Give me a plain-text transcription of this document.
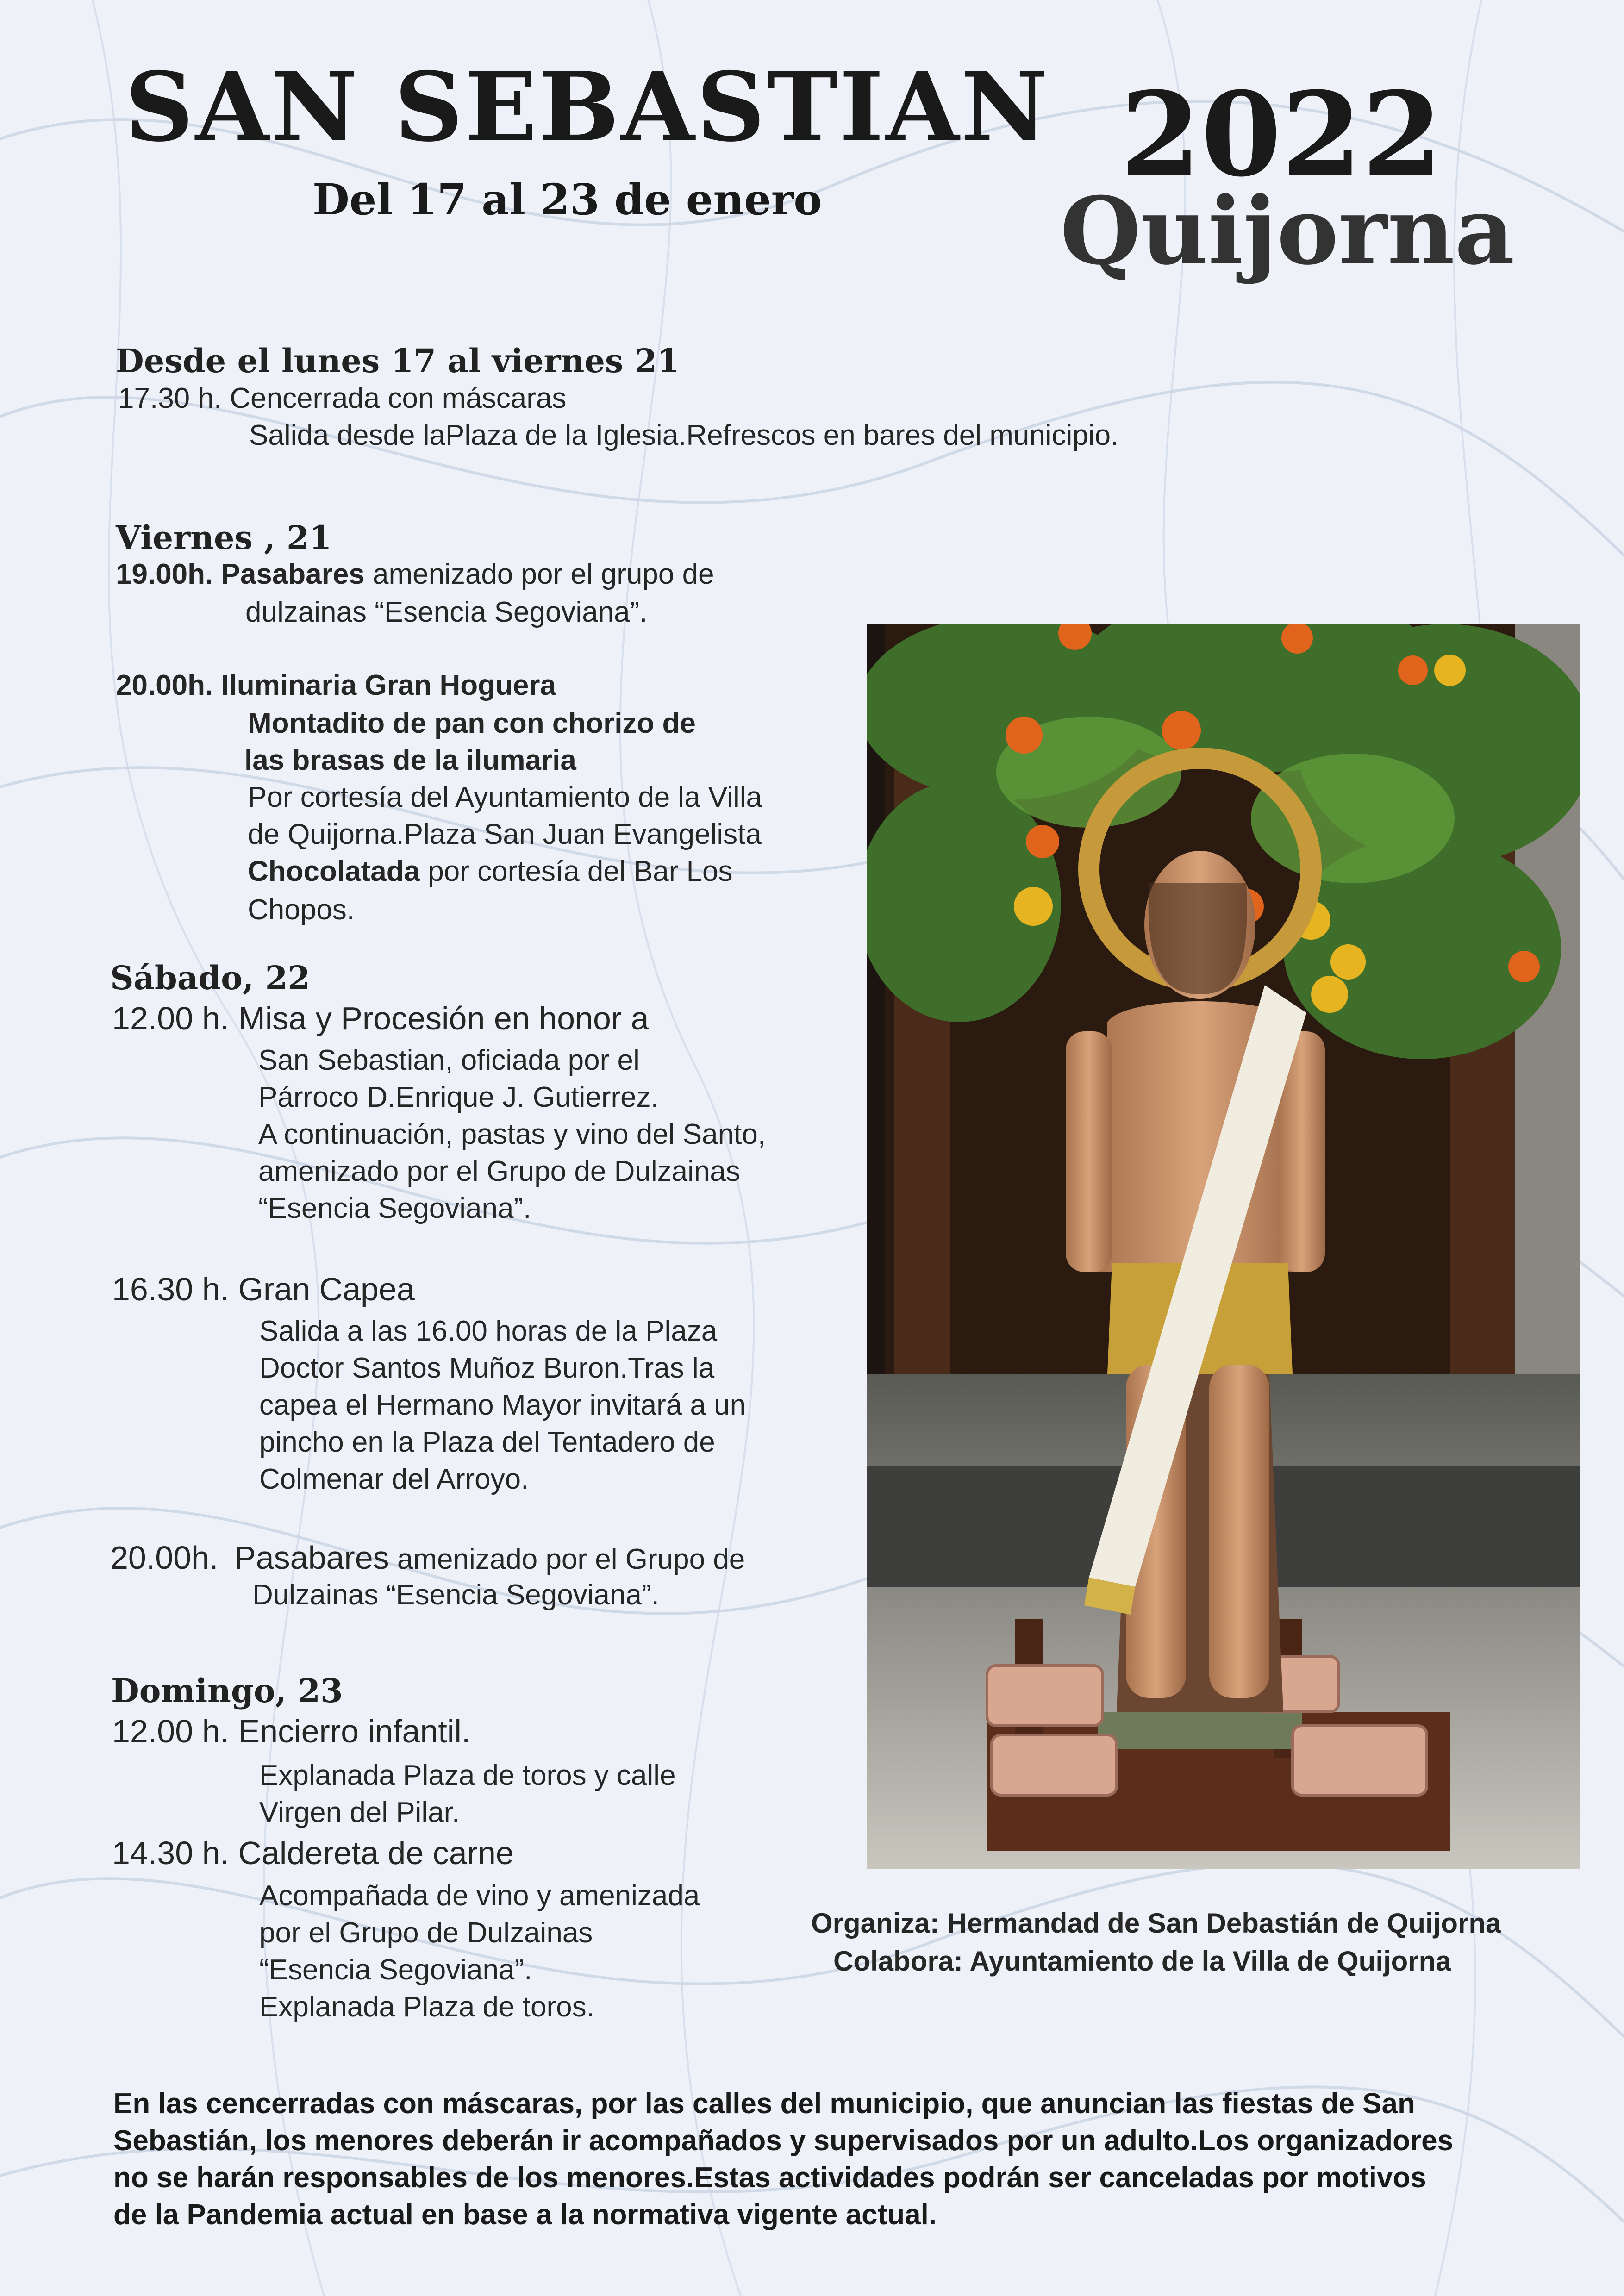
SAN SEBASTIAN 2022
Quijorna
Del 17 al 23 de enero
Desde el lunes 17 al viernes 21
17.30 h. Cencerrada con máscaras
Salida desde laPlaza de la Iglesia.Refrescos en bares del municipio.
Viernes , 21
19.00h. Pasabares amenizado por el grupo de
dulzainas “Esencia Segoviana”.
20.00h. Iluminaria Gran Hoguera
Montadito de pan con chorizo de
las brasas de la ilumaria
Por cortesía del Ayuntamiento de la Villa
de Quijorna.Plaza San Juan Evangelista
Chocolatada por cortesía del Bar Los
Chopos.
Sábado, 22
12.00 h. Misa y Procesión en honor a
San Sebastian, oficiada por el
Párroco D.Enrique J. Gutierrez.
A continuación, pastas y vino del Santo,
amenizado por el Grupo de Dulzainas
“Esencia Segoviana”.
16.30 h. Gran Capea
Salida a las 16.00 horas de la Plaza
Doctor Santos Muñoz Buron.Tras la
capea el Hermano Mayor invitará a un
pincho en la Plaza del Tentadero de
Colmenar del Arroyo.
20.00h. Pasabares amenizado por el Grupo de
Dulzainas “Esencia Segoviana”.
Domingo, 23
12.00 h. Encierro infantil.
Explanada Plaza de toros y calle
Virgen del Pilar.
14.30 h. Caldereta de carne
Acompañada de vino y amenizada
por el Grupo de Dulzainas
“Esencia Segoviana”.
Explanada Plaza de toros.
Organiza: Hermandad de San Debastián de Quijorna
Colabora: Ayuntamiento de la Villa de Quijorna
En las cencerradas con máscaras, por las calles del municipio, que anuncian las fiestas de San
Sebastián, los menores deberán ir acompañados y supervisados por un adulto.Los organizadores
no se harán responsables de los menores.Estas actividades podrán ser canceladas por motivos
de la Pandemia actual en base a la normativa vigente actual.
